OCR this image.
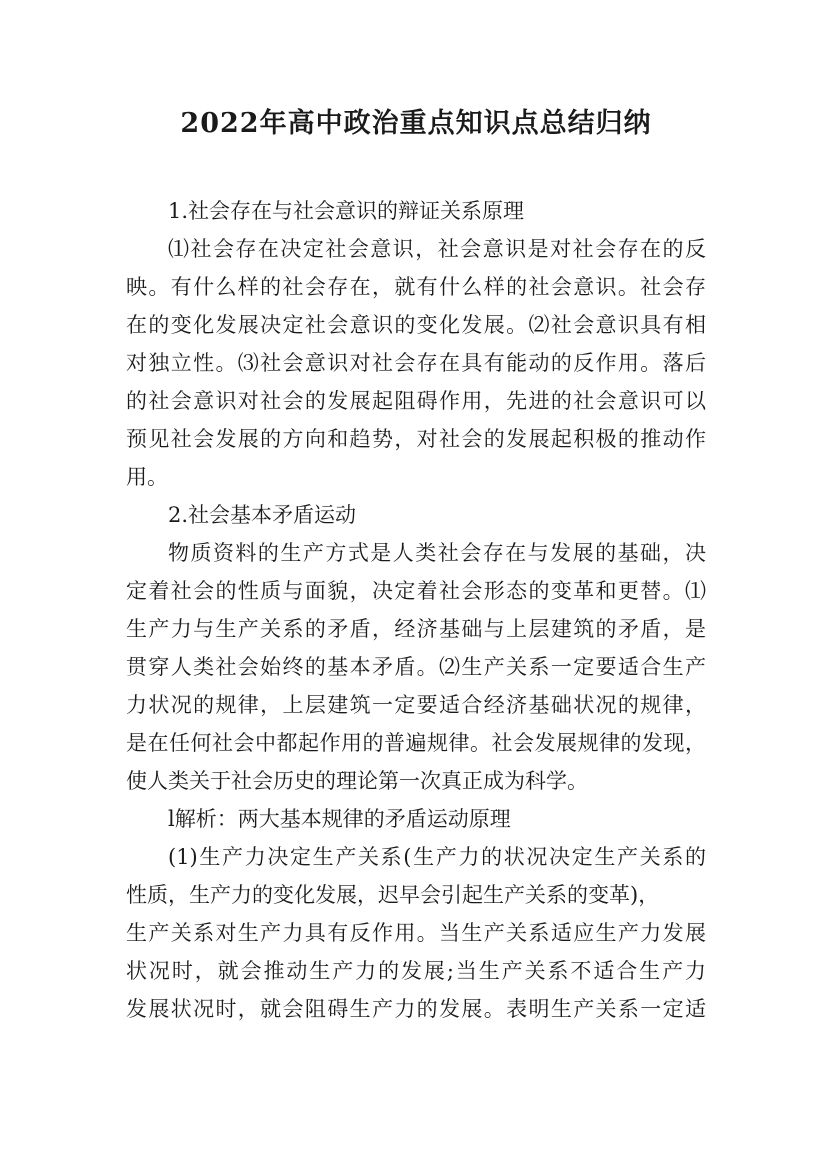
2022年高中政治重点知识点总结归纳
1.社会存在与社会意识的辩证关系原理
⑴社会存在决定社会意识，社会意识是对社会存在的反
映。有什么样的社会存在，就有什么样的社会意识。社会存
在的变化发展决定社会意识的变化发展。⑵社会意识具有相
对独立性。⑶社会意识对社会存在具有能动的反作用。落后
的社会意识对社会的发展起阻碍作用，先进的社会意识可以
预见社会发展的方向和趋势，对社会的发展起积极的推动作
用。
2.社会基本矛盾运动
物质资料的生产方式是人类社会存在与发展的基础，决
定着社会的性质与面貌，决定着社会形态的变革和更替。⑴
生产力与生产关系的矛盾，经济基础与上层建筑的矛盾，是
贯穿人类社会始终的基本矛盾。⑵生产关系一定要适合生产
力状况的规律，上层建筑一定要适合经济基础状况的规律，
是在任何社会中都起作用的普遍规律。社会发展规律的发现，
使人类关于社会历史的理论第一次真正成为科学。
l解析：两大基本规律的矛盾运动原理
(1)生产力决定生产关系(生产力的状况决定生产关系的
性质，生产力的变化发展，迟早会引起生产关系的变革)，
生产关系对生产力具有反作用。当生产关系适应生产力发展
状况时，就会推动生产力的发展;当生产关系不适合生产力
发展状况时，就会阻碍生产力的发展。表明生产关系一定适
